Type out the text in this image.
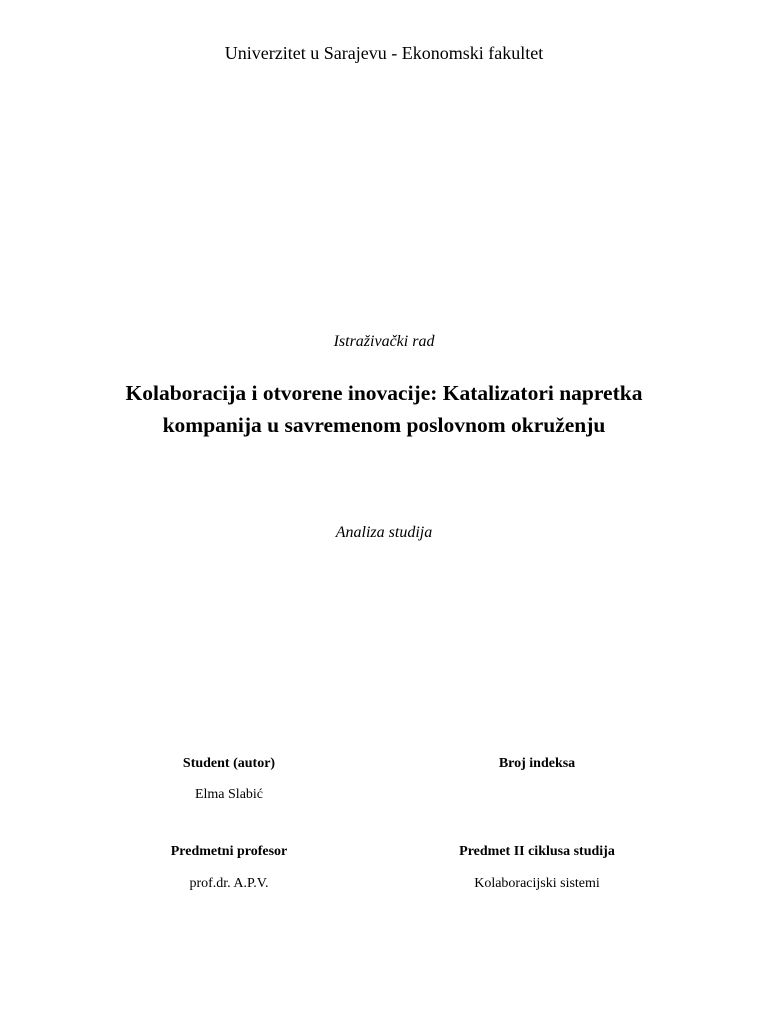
Univerzitet u Sarajevu - Ekonomski fakultet
Istraživački rad
Kolaboracija i otvorene inovacije: Katalizatori napretka
kompanija u savremenom poslovnom okruženju
Analiza studija
Student (autor)	Broj indeksa
Elma Slabić
Predmetni profesor	Predmet II ciklusa studija
prof.dr. A.P.V.	Kolaboracijski sistemi
